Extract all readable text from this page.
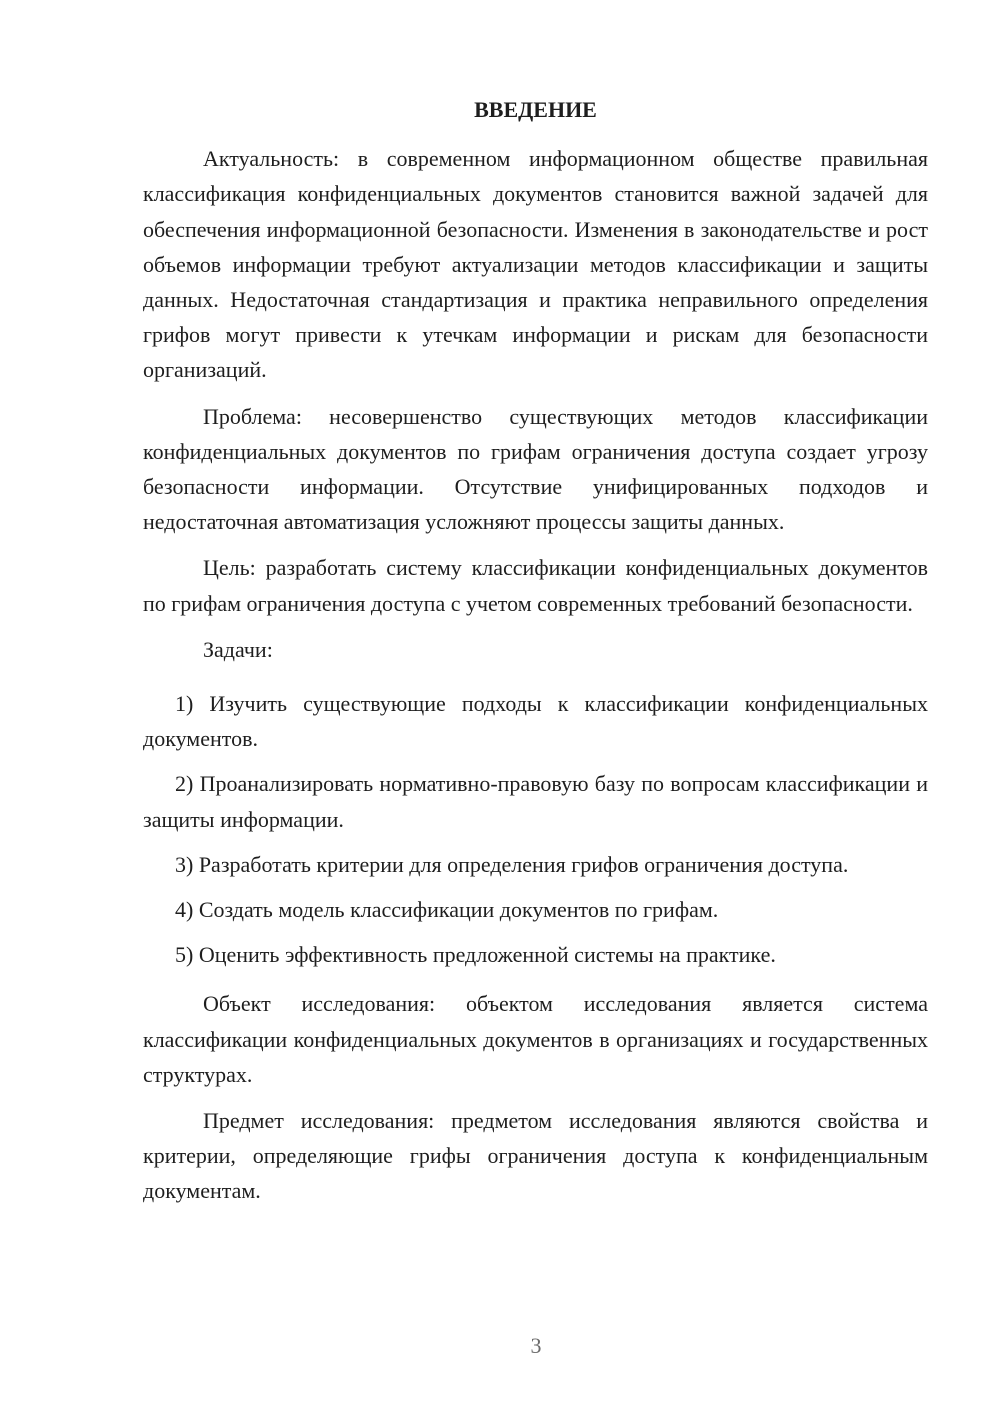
ВВЕДЕНИЕ

Актуальность: в современном информационном обществе правильная классификация конфиденциальных документов становится важной задачей для обеспечения информационной безопасности. Изменения в законодательстве и рост объемов информации требуют актуализации методов классификации и защиты данных. Недостаточная стандартизация и практика неправильного определения грифов могут привести к утечкам информации и рискам для безопасности организаций.

Проблема: несовершенство существующих методов классификации конфиденциальных документов по грифам ограничения доступа создает угрозу безопасности информации. Отсутствие унифицированных подходов и недостаточная автоматизация усложняют процессы защиты данных.

Цель: разработать систему классификации конфиденциальных документов по грифам ограничения доступа с учетом современных требований безопасности.

Задачи:

1) Изучить существующие подходы к классификации конфиденциальных документов.

2) Проанализировать нормативно-правовую базу по вопросам классификации и защиты информации.

3) Разработать критерии для определения грифов ограничения доступа.

4) Создать модель классификации документов по грифам.

5) Оценить эффективность предложенной системы на практике.

Объект исследования: объектом исследования является система классификации конфиденциальных документов в организациях и государственных структурах.

Предмет исследования: предметом исследования являются свойства и критерии, определяющие грифы ограничения доступа к конфиденциальным документам.

3
